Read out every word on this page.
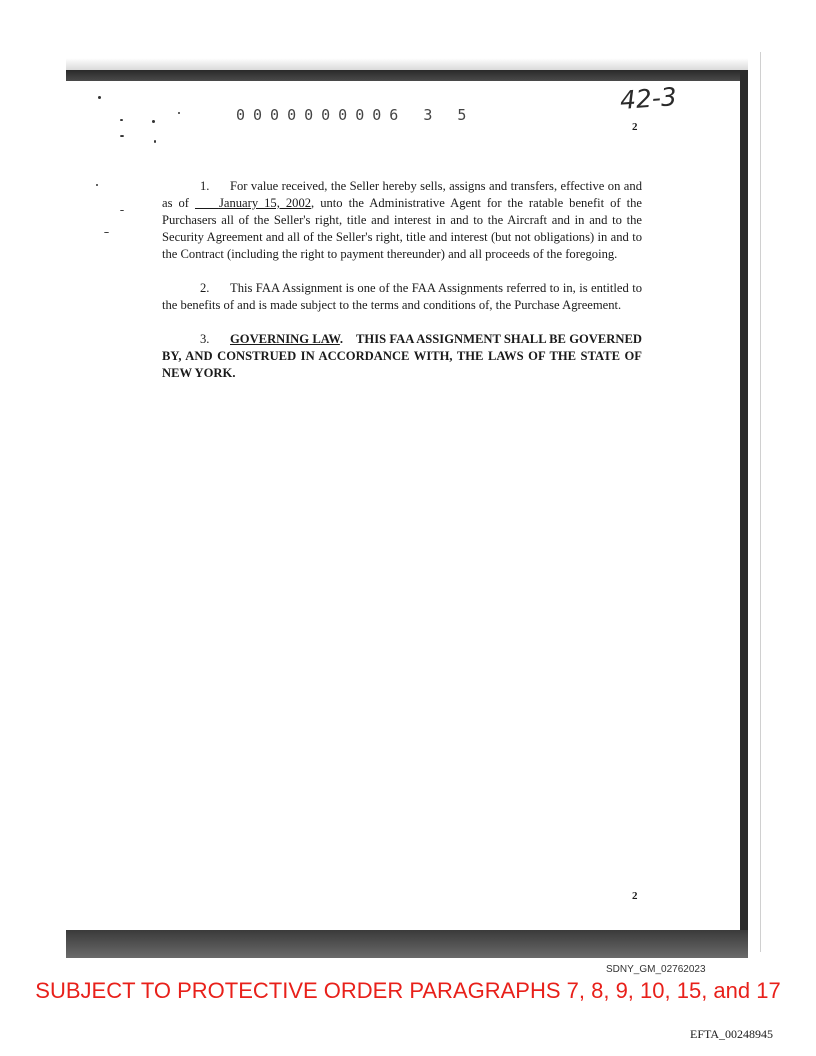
0000000006 3 5
42-3
2

1. For value received, the Seller hereby sells, assigns and transfers, effective on and as of January 15, 2002, unto the Administrative Agent for the ratable benefit of the Purchasers all of the Seller's right, title and interest in and to the Aircraft and in and to the Security Agreement and all of the Seller's right, title and interest (but not obligations) in and to the Contract (including the right to payment thereunder) and all proceeds of the foregoing.

2. This FAA Assignment is one of the FAA Assignments referred to in, is entitled to the benefits of and is made subject to the terms and conditions of, the Purchase Agreement.

3. GOVERNING LAW.    THIS FAA ASSIGNMENT SHALL BE GOVERNED BY, AND CONSTRUED IN ACCORDANCE WITH, THE LAWS OF THE STATE OF NEW YORK.

2
SDNY_GM_02762023
SUBJECT TO PROTECTIVE ORDER PARAGRAPHS 7, 8, 9, 10, 15, and 17
EFTA_00248945
